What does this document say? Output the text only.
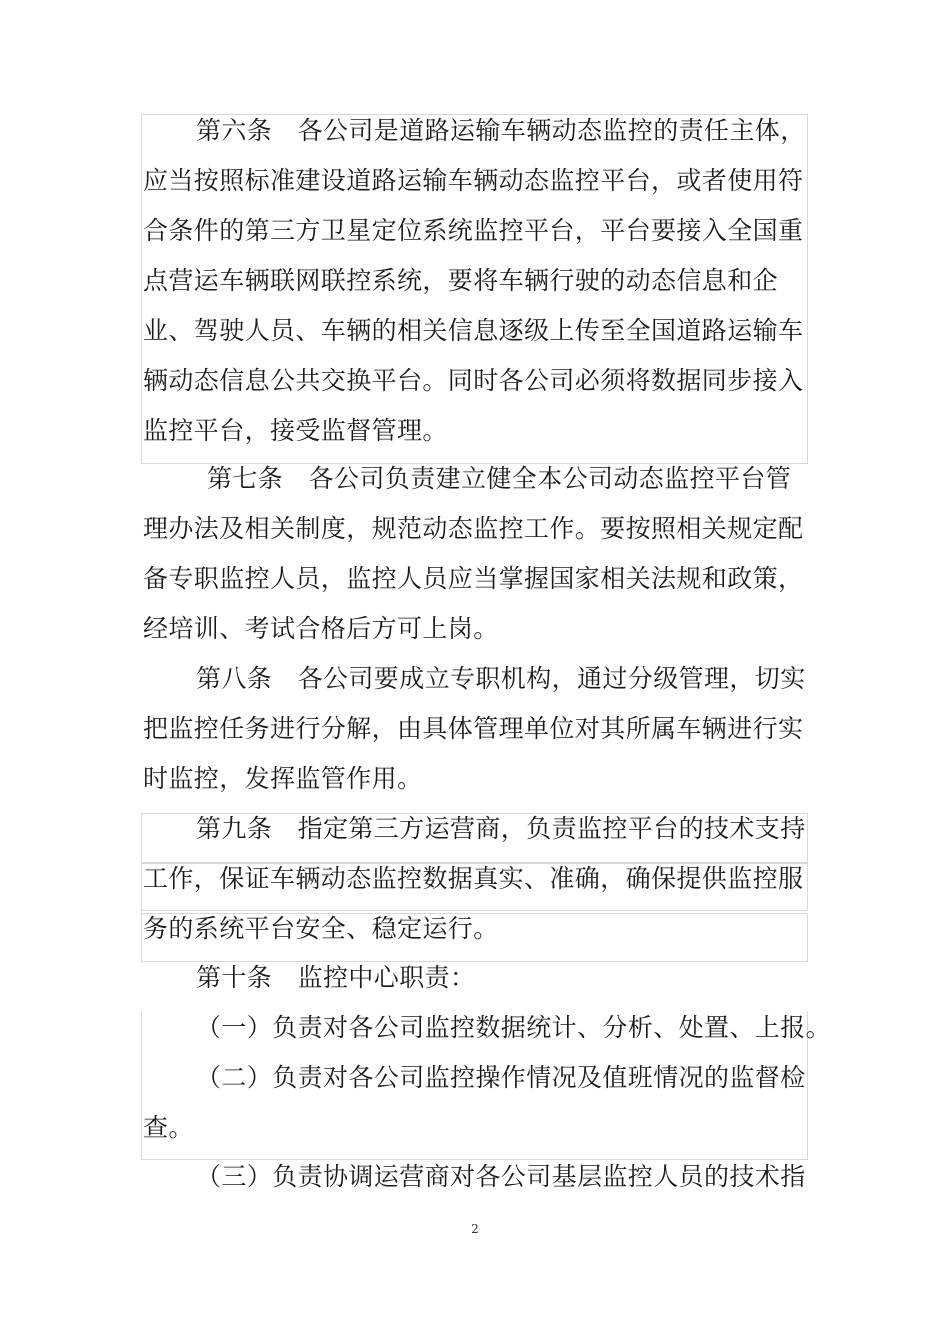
第六条　各公司是道路运输车辆动态监控的责任主体，
应当按照标准建设道路运输车辆动态监控平台，或者使用符
合条件的第三方卫星定位系统监控平台，平台要接入全国重
点营运车辆联网联控系统，要将车辆行驶的动态信息和企
业、驾驶人员、车辆的相关信息逐级上传至全国道路运输车
辆动态信息公共交换平台。同时各公司必须将数据同步接入
监控平台，接受监督管理。
第七条　各公司负责建立健全本公司动态监控平台管
理办法及相关制度，规范动态监控工作。要按照相关规定配
备专职监控人员，监控人员应当掌握国家相关法规和政策，
经培训、考试合格后方可上岗。
第八条　各公司要成立专职机构，通过分级管理，切实
把监控任务进行分解，由具体管理单位对其所属车辆进行实
时监控，发挥监管作用。
第九条　指定第三方运营商，负责监控平台的技术支持
工作，保证车辆动态监控数据真实、准确，确保提供监控服
务的系统平台安全、稳定运行。
第十条　监控中心职责：
（一）负责对各公司监控数据统计、分析、处置、上报。
（二）负责对各公司监控操作情况及值班情况的监督检
查。
（三）负责协调运营商对各公司基层监控人员的技术指
2
